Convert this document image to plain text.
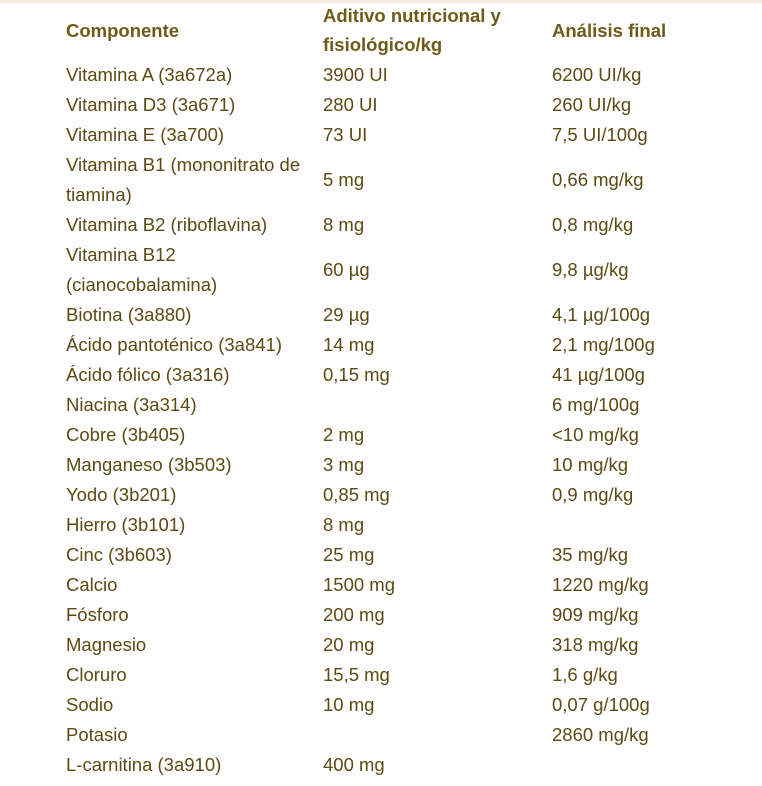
Componente	Aditivo nutricional y fisiológico/kg	Análisis final
Vitamina A (3a672a)	3900 UI	6200 UI/kg
Vitamina D3 (3a671)	280 UI	260 UI/kg
Vitamina E (3a700)	73 UI	7,5 UI/100g
Vitamina B1 (mononitrato de tiamina)	5 mg	0,66 mg/kg
Vitamina B2 (riboflavina)	8 mg	0,8 mg/kg
Vitamina B12 (cianocobalamina)	60 µg	9,8 µg/kg
Biotina (3a880)	29 µg	4,1 µg/100g
Ácido pantoténico (3a841)	14 mg	2,1 mg/100g
Ácido fólico (3a316)	0,15 mg	41 µg/100g
Niacina (3a314)		6 mg/100g
Cobre (3b405)	2 mg	<10 mg/kg
Manganeso (3b503)	3 mg	10 mg/kg
Yodo (3b201)	0,85 mg	0,9 mg/kg
Hierro (3b101)	8 mg	
Cinc (3b603)	25 mg	35 mg/kg
Calcio	1500 mg	1220 mg/kg
Fósforo	200 mg	909 mg/kg
Magnesio	20 mg	318 mg/kg
Cloruro	15,5 mg	1,6 g/kg
Sodio	10 mg	0,07 g/100g
Potasio		2860 mg/kg
L-carnitina (3a910)	400 mg	
